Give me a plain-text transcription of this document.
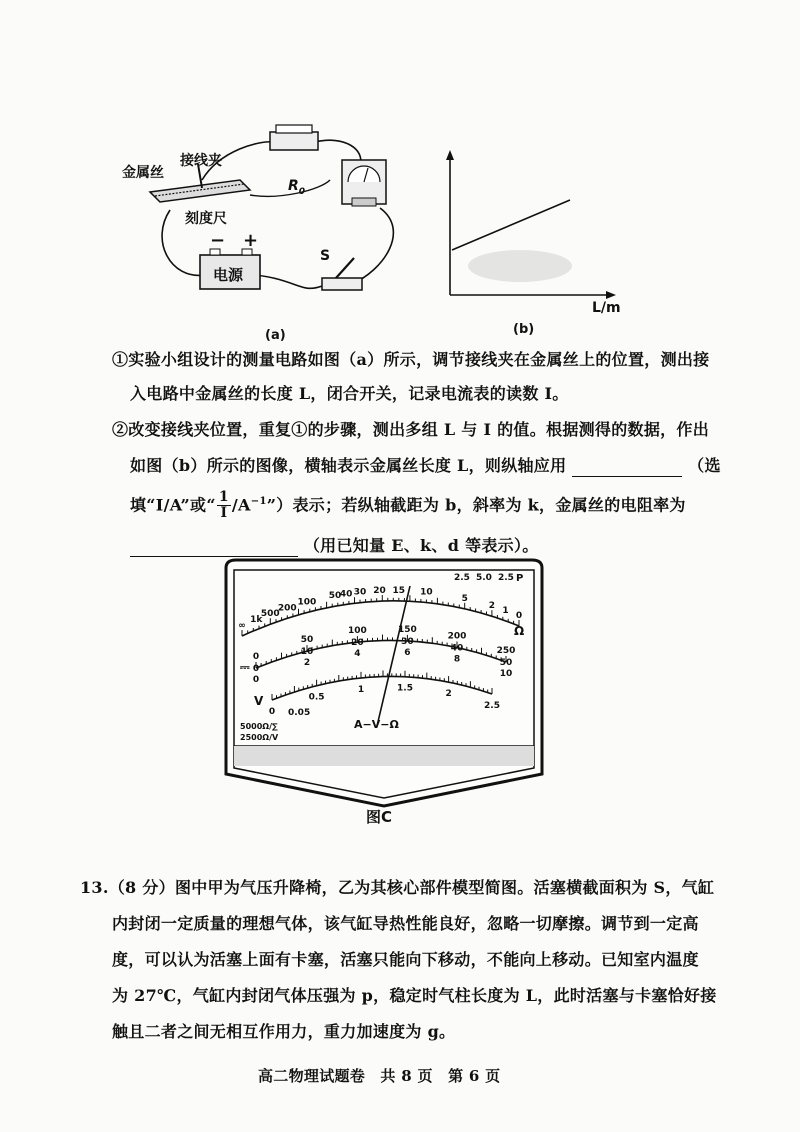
金属丝
接线夹
刻度尺
$R_0$
− +
电源
S
(a)
L/m
(b)
①实验小组设计的测量电路如图（a）所示，调节接线夹在金属丝上的位置，测出接
入电路中金属丝的长度 L，闭合开关，记录电流表的读数 I。
②改变接线夹位置，重复①的步骤，测出多组 L 与 I 的值。根据测得的数据，作出
如图（b）所示的图像，横轴表示金属丝长度 L，则纵轴应用	（选
填“I/A”或“ $\frac{1}{I}$ $/A^{-1}$”）表示；若纵轴截距为 b，斜率为 k，金属丝的电阻率为
（用已知量 E、k、d 等表示）。
∞
1k
500
200
100
50
40 30 20 15 10
5
2 1
0
0
50
100	150
200
250
0
10
20	30
40
50
0
2
4	6
8
10
0
0.5
1	1.5
2
2.5
Ω
⎓
V
0.05
A−V−Ω
5000Ω/∑
2500Ω/V
2.5 5.0 2.5 P
图C
13.（8 分）图中甲为气压升降椅，乙为其核心部件模型简图。活塞横截面积为 S，气缸
内封闭一定质量的理想气体，该气缸导热性能良好，忽略一切摩擦。调节到一定高
度，可以认为活塞上面有卡塞，活塞只能向下移动，不能向上移动。已知室内温度
为 27℃，气缸内封闭气体压强为 p，稳定时气柱长度为 L，此时活塞与卡塞恰好接
触且二者之间无相互作用力，重力加速度为 g。
高二物理试题卷　共 8 页　第 6 页
